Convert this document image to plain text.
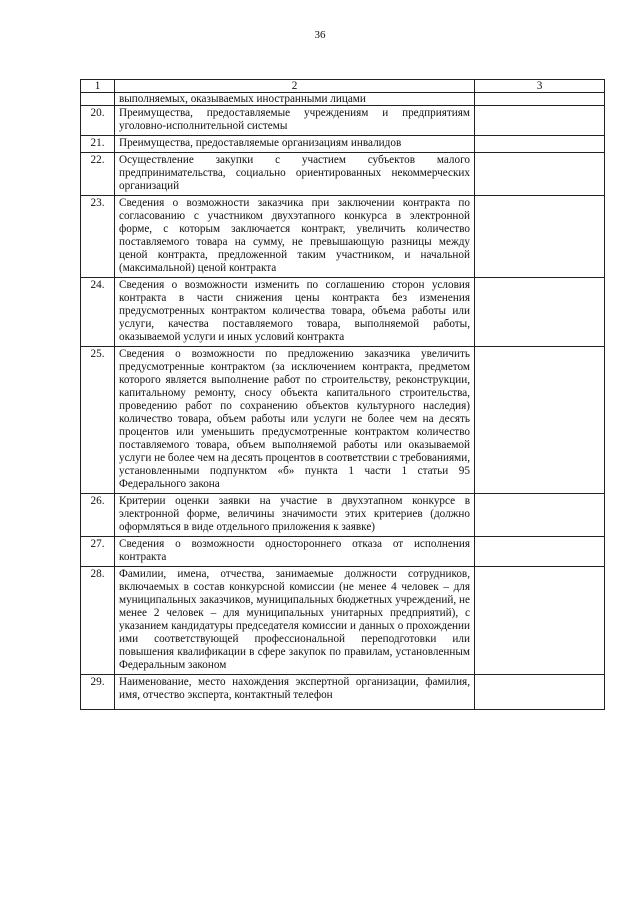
36
1	2	3
	выполняемых, оказываемых иностранными лицами	
20.	Преимущества, предоставляемые учреждениям и предприятиям уголовно-исполнительной системы	
21.	Преимущества, предоставляемые организациям инвалидов	
22.	Осуществление закупки с участием субъектов малого предпринимательства, социально ориентированных некоммерческих организаций	
23.	Сведения о возможности заказчика при заключении контракта по согласованию с участником двухэтапного конкурса в электронной форме, с которым заключается контракт, увеличить количество поставляемого товара на сумму, не превышающую разницы между ценой контракта, предложенной таким участником, и начальной (максимальной) ценой контракта	
24.	Сведения о возможности изменить по соглашению сторон условия контракта в части снижения цены контракта без изменения предусмотренных контрактом количества товара, объема работы или услуги, качества поставляемого товара, выполняемой работы, оказываемой услуги и иных условий контракта	
25.	Сведения о возможности по предложению заказчика увеличить предусмотренные контрактом (за исключением контракта, предметом которого является выполнение работ по строительству, реконструкции, капитальному ремонту, сносу объекта капитального строительства, проведению работ по сохранению объектов культурного наследия) количество товара, объем работы или услуги не более чем на десять процентов или уменьшить предусмотренные контрактом количество поставляемого товара, объем выполняемой работы или оказываемой услуги не более чем на десять процентов в соответствии с требованиями, установленными подпунктом «б» пункта 1 части 1 статьи 95 Федерального закона	
26.	Критерии оценки заявки на участие в двухэтапном конкурсе в электронной форме, величины значимости этих критериев (должно оформляться в виде отдельного приложения к заявке)	
27.	Сведения о возможности одностороннего отказа от исполнения контракта	
28.	Фамилии, имена, отчества, занимаемые должности сотрудников, включаемых в состав конкурсной комиссии (не менее 4 человек – для муниципальных заказчиков, муниципальных бюджетных учреждений, не менее 2 человек – для муниципальных унитарных предприятий), с указанием кандидатуры председателя комиссии и данных о прохождении ими соответствующей профессиональной переподготовки или повышения квалификации в сфере закупок по правилам, установленным Федеральным законом	
29.	Наименование, место нахождения экспертной организации, фамилия, имя, отчество эксперта, контактный телефон	
